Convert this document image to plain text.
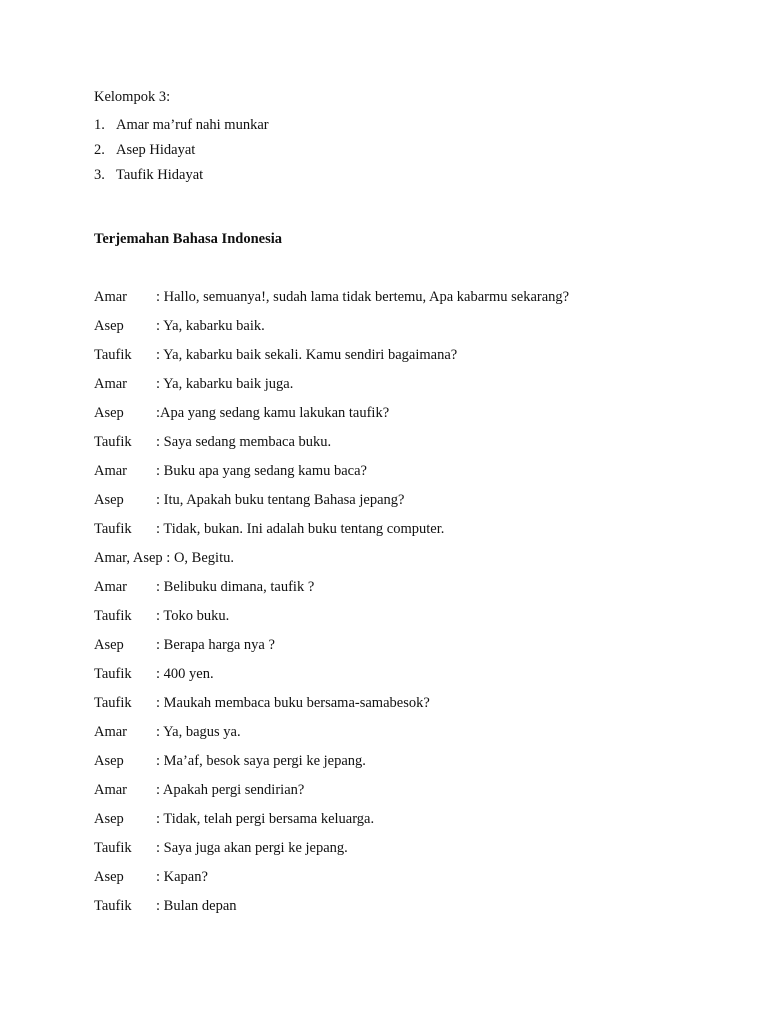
Kelompok 3:
1. Amar ma’ruf nahi munkar
2. Asep Hidayat
3. Taufik Hidayat
Terjemahan Bahasa Indonesia
Amar : Hallo, semuanya!, sudah lama tidak bertemu, Apa kabarmu sekarang?
Asep : Ya, kabarku baik.
Taufik : Ya, kabarku baik sekali. Kamu sendiri bagaimana?
Amar : Ya, kabarku baik juga.
Asep :Apa yang sedang kamu lakukan taufik?
Taufik : Saya sedang membaca buku.
Amar : Buku apa yang sedang kamu baca?
Asep : Itu, Apakah buku tentang Bahasa jepang?
Taufik : Tidak, bukan. Ini adalah buku tentang computer.
Amar, Asep : O, Begitu.
Amar : Belibuku dimana, taufik ?
Taufik : Toko buku.
Asep : Berapa harga nya ?
Taufik : 400 yen.
Taufik : Maukah membaca buku bersama-samabesok?
Amar : Ya, bagus ya.
Asep : Ma’af, besok saya pergi ke jepang.
Amar : Apakah pergi sendirian?
Asep : Tidak, telah pergi bersama keluarga.
Taufik : Saya juga akan pergi ke jepang.
Asep : Kapan?
Taufik : Bulan depan
